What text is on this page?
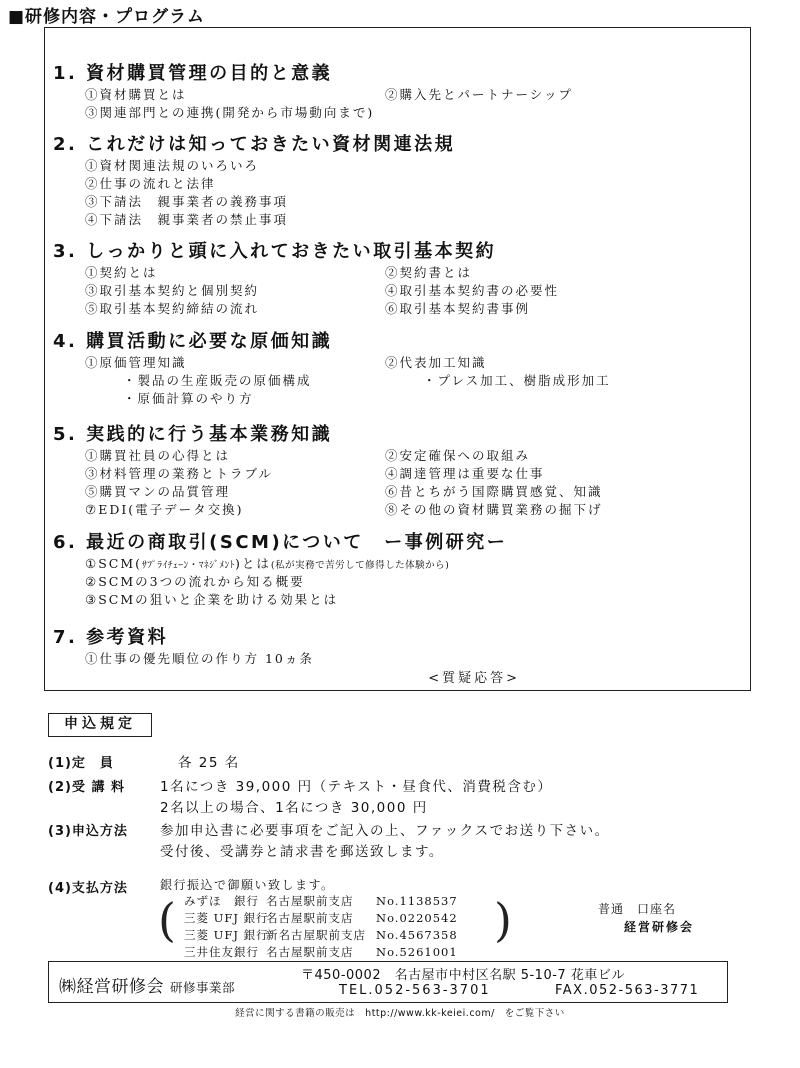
■研修内容・プログラム
1. 資材購買管理の目的と意義
①資材購買とは	②購入先とパートナーシップ
③関連部門との連携(開発から市場動向まで)
2. これだけは知っておきたい資材関連法規
①資材関連法規のいろいろ
②仕事の流れと法律
③下請法　親事業者の義務事項
④下請法　親事業者の禁止事項
3. しっかりと頭に入れておきたい取引基本契約
①契約とは	②契約書とは
③取引基本契約と個別契約	④取引基本契約書の必要性
⑤取引基本契約締結の流れ	⑥取引基本契約書事例
4. 購買活動に必要な原価知識
①原価管理知識	②代表加工知識
・製品の生産販売の原価構成	・プレス加工、樹脂成形加工
・原価計算のやり方
5. 実践的に行う基本業務知識
①購買社員の心得とは	②安定確保への取組み
③材料管理の業務とトラブル	④調達管理は重要な仕事
⑤購買マンの品質管理	⑥昔とちがう国際購買感覚、知識
⑦EDI(電子データ交換)	⑧その他の資材購買業務の掘下げ
6. 最近の商取引(SCM)について　ー事例研究ー
①SCM(ｻﾌﾟﾗｲﾁｪｰﾝ・ﾏﾈｼﾞﾒﾝﾄ)とは(私が実務で苦労して修得した体験から)
②SCMの3つの流れから知る概要
③SCMの狙いと企業を助ける効果とは
7. 参考資料
①仕事の優先順位の作り方 10ヵ条
<質疑応答>
申込規定
(1)定　員	各 25 名
(2)受 講 料	1名につき 39,000 円（テキスト・昼食代、消費税含む）
2名以上の場合、1名につき 30,000 円
(3)申込方法 参加申込書に必要事項をご記入の上、ファックスでお送り下さい。
受付後、受講券と請求書を郵送致します。
(4)支払方法	銀行振込で御願い致します。
(	)
みずほ　銀行 名古屋駅前支店 No.1138537
三菱 UFJ 銀行名古屋駅前支店 No.0220542
三菱 UFJ 銀行新名古屋駅前支店 No.4567358
三井住友銀行 名古屋駅前支店 No.5261001
普通　口座名
経営研修会
㈱経営研修会 研修事業部
〒450-0002　名古屋市中村区名駅 5-10-7 花車ビル
TEL.052-563-3701	FAX.052-563-3771
経営に関する書籍の販売は　http://www.kk-keiei.com/　をご覧下さい
